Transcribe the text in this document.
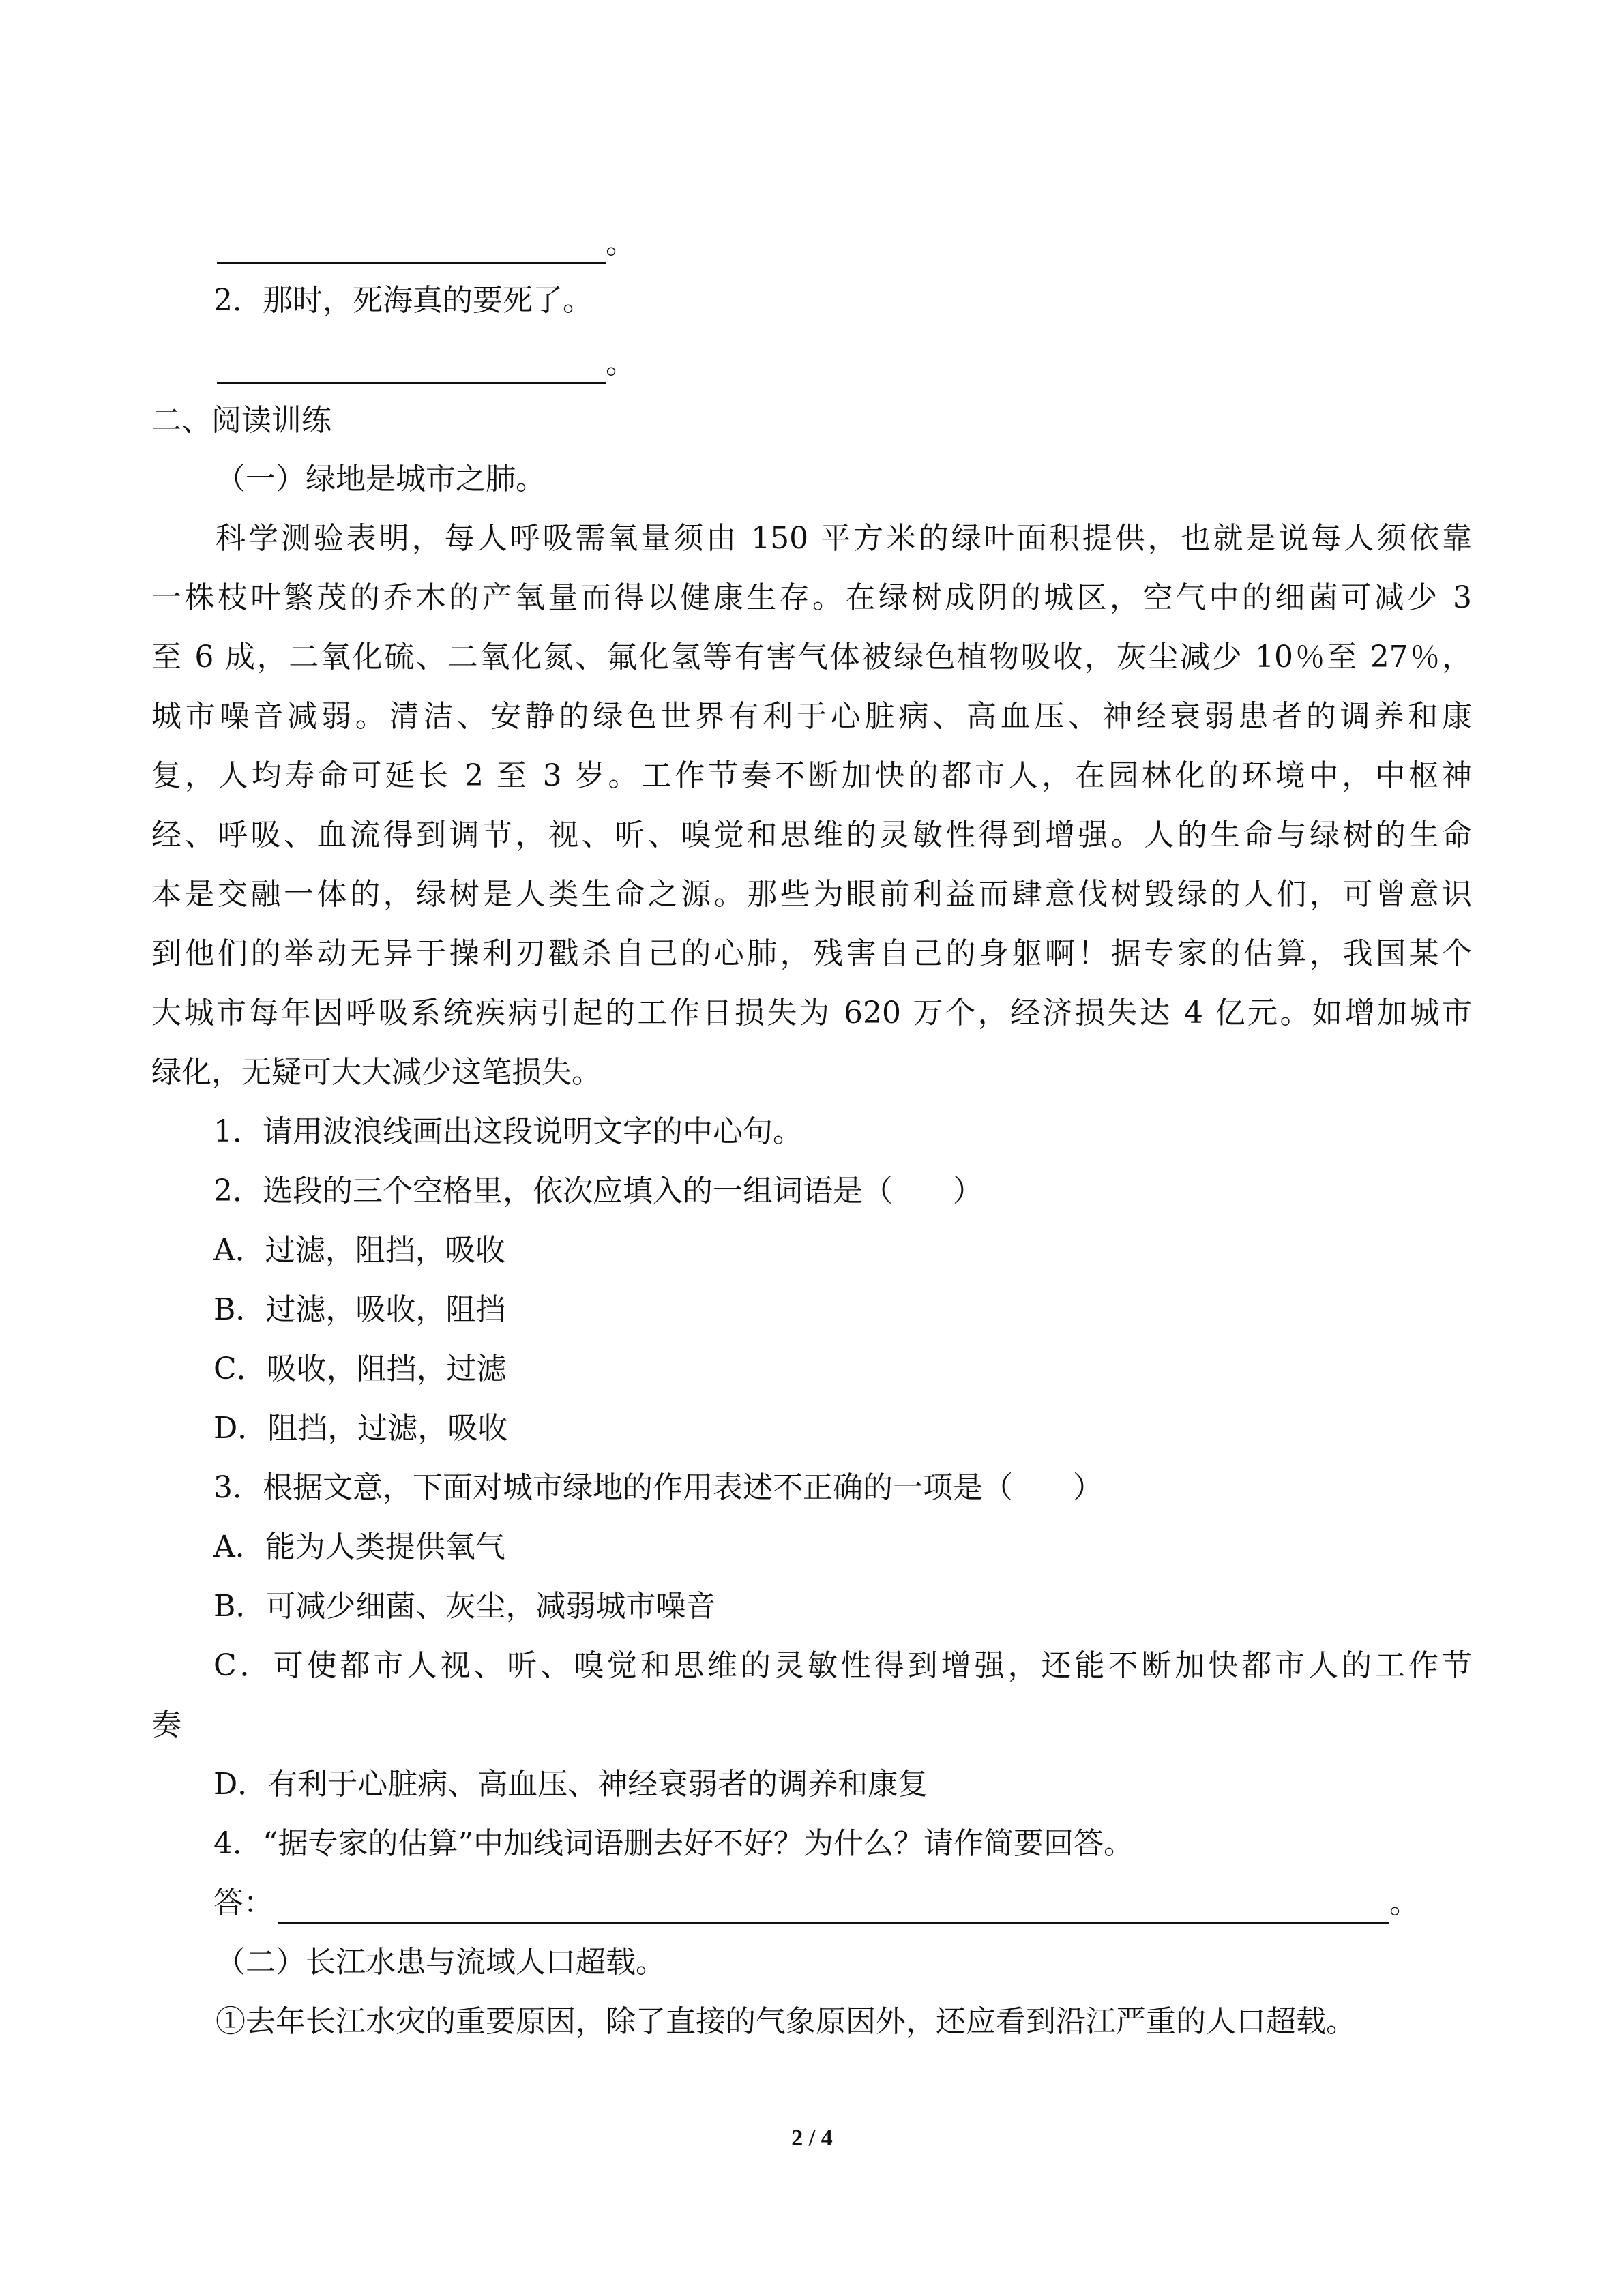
。

2．那时，死海真的要死了。

。

二、阅读训练

（一）绿地是城市之肺。

科学测验表明，每人呼吸需氧量须由 150 平方米的绿叶面积提供，也就是说每人须依靠

一株枝叶繁茂的乔木的产氧量而得以健康生存。在绿树成阴的城区，空气中的细菌可减少 3

至 6 成，二氧化硫、二氧化氮、氟化氢等有害气体被绿色植物吸收，灰尘减少 10％至 27％，

城市噪音减弱。清洁、安静的绿色世界有利于心脏病、高血压、神经衰弱患者的调养和康

复，人均寿命可延长 2 至 3 岁。工作节奏不断加快的都市人，在园林化的环境中，中枢神

经、呼吸、血流得到调节，视、听、嗅觉和思维的灵敏性得到增强。人的生命与绿树的生命

本是交融一体的，绿树是人类生命之源。那些为眼前利益而肆意伐树毁绿的人们，可曾意识

到他们的举动无异于操利刃戳杀自己的心肺，残害自己的身躯啊！据专家的估算，我国某个

大城市每年因呼吸系统疾病引起的工作日损失为 620 万个，经济损失达 4 亿元。如增加城市

绿化，无疑可大大减少这笔损失。

1．请用波浪线画出这段说明文字的中心句。

2．选段的三个空格里，依次应填入的一组词语是（　　）

A．过滤，阻挡，吸收

B．过滤，吸收，阻挡

C．吸收，阻挡，过滤

D．阻挡，过滤，吸收

3．根据文意，下面对城市绿地的作用表述不正确的一项是（　　）

A．能为人类提供氧气

B．可减少细菌、灰尘，减弱城市噪音

C．可使都市人视、听、嗅觉和思维的灵敏性得到增强，还能不断加快都市人的工作节

奏

D．有利于心脏病、高血压、神经衰弱者的调养和康复

4．“据专家的估算”中加线词语删去好不好？为什么？请作简要回答。

答：	。

（二）长江水患与流域人口超载。

①去年长江水灾的重要原因，除了直接的气象原因外，还应看到沿江严重的人口超载。

2 / 4
